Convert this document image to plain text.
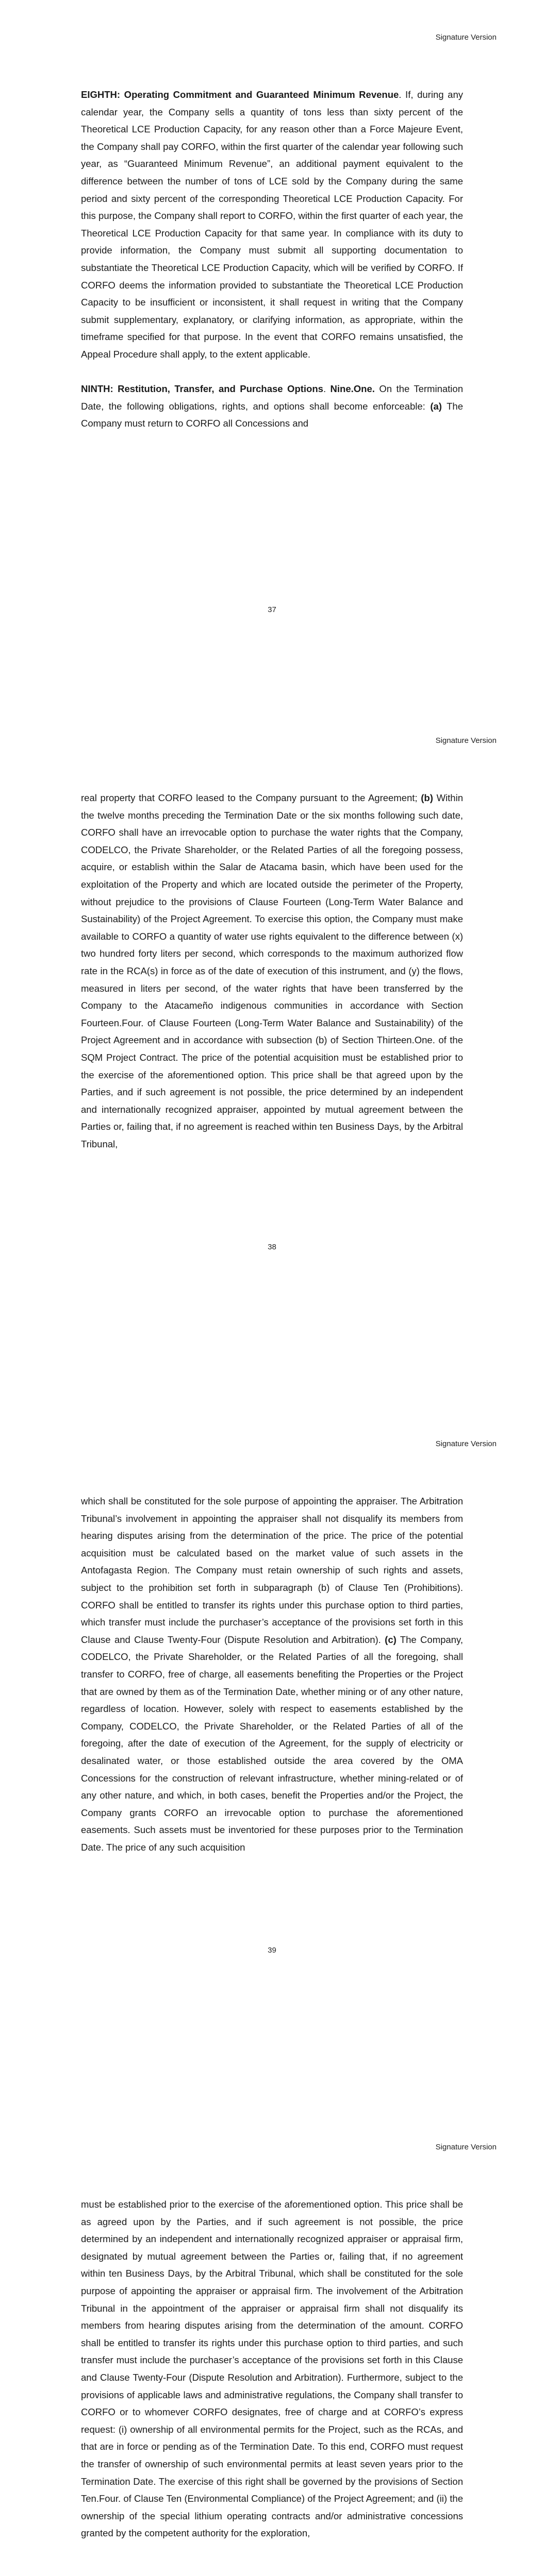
Signature Version

EIGHTH: Operating Commitment and Guaranteed Minimum Revenue. If, during any calendar year, the Company sells a quantity of tons less than sixty percent of the Theoretical LCE Production Capacity, for any reason other than a Force Majeure Event, the Company shall pay CORFO, within the first quarter of the calendar year following such year, as “Guaranteed Minimum Revenue”, an additional payment equivalent to the difference between the number of tons of LCE sold by the Company during the same period and sixty percent of the corresponding Theoretical LCE Production Capacity. For this purpose, the Company shall report to CORFO, within the first quarter of each year, the Theoretical LCE Production Capacity for that same year. In compliance with its duty to provide information, the Company must submit all supporting documentation to substantiate the Theoretical LCE Production Capacity, which will be verified by CORFO. If CORFO deems the information provided to substantiate the Theoretical LCE Production Capacity to be insufficient or inconsistent, it shall request in writing that the Company submit supplementary, explanatory, or clarifying information, as appropriate, within the timeframe specified for that purpose. In the event that CORFO remains unsatisfied, the Appeal Procedure shall apply, to the extent applicable.

NINTH: Restitution, Transfer, and Purchase Options. Nine.One. On the Termination Date, the following obligations, rights, and options shall become enforceable: (a) The Company must return to CORFO all Concessions and

37
Signature Version

real property that CORFO leased to the Company pursuant to the Agreement; (b) Within the twelve months preceding the Termination Date or the six months following such date, CORFO shall have an irrevocable option to purchase the water rights that the Company, CODELCO, the Private Shareholder, or the Related Parties of all the foregoing possess, acquire, or establish within the Salar de Atacama basin, which have been used for the exploitation of the Property and which are located outside the perimeter of the Property, without prejudice to the provisions of Clause Fourteen (Long-Term Water Balance and Sustainability) of the Project Agreement. To exercise this option, the Company must make available to CORFO a quantity of water use rights equivalent to the difference between (x) two hundred forty liters per second, which corresponds to the maximum authorized flow rate in the RCA(s) in force as of the date of execution of this instrument, and (y) the flows, measured in liters per second, of the water rights that have been transferred by the Company to the Atacameño indigenous communities in accordance with Section Fourteen.Four. of Clause Fourteen (Long-Term Water Balance and Sustainability) of the Project Agreement and in accordance with subsection (b) of Section Thirteen.One. of the SQM Project Contract. The price of the potential acquisition must be established prior to the exercise of the aforementioned option. This price shall be that agreed upon by the Parties, and if such agreement is not possible, the price determined by an independent and internationally recognized appraiser, appointed by mutual agreement between the Parties or, failing that, if no agreement is reached within ten Business Days, by the Arbitral Tribunal,

38
Signature Version

which shall be constituted for the sole purpose of appointing the appraiser. The Arbitration Tribunal’s involvement in appointing the appraiser shall not disqualify its members from hearing disputes arising from the determination of the price. The price of the potential acquisition must be calculated based on the market value of such assets in the Antofagasta Region. The Company must retain ownership of such rights and assets, subject to the prohibition set forth in subparagraph (b) of Clause Ten (Prohibitions). CORFO shall be entitled to transfer its rights under this purchase option to third parties, which transfer must include the purchaser’s acceptance of the provisions set forth in this Clause and Clause Twenty-Four (Dispute Resolution and Arbitration). (c) The Company, CODELCO, the Private Shareholder, or the Related Parties of all the foregoing, shall transfer to CORFO, free of charge, all easements benefiting the Properties or the Project that are owned by them as of the Termination Date, whether mining or of any other nature, regardless of location. However, solely with respect to easements established by the Company, CODELCO, the Private Shareholder, or the Related Parties of all of the foregoing, after the date of execution of the Agreement, for the supply of electricity or desalinated water, or those established outside the area covered by the OMA Concessions for the construction of relevant infrastructure, whether mining-related or of any other nature, and which, in both cases, benefit the Properties and/or the Project, the Company grants CORFO an irrevocable option to purchase the aforementioned easements. Such assets must be inventoried for these purposes prior to the Termination Date. The price of any such acquisition

39
Signature Version

must be established prior to the exercise of the aforementioned option. This price shall be as agreed upon by the Parties, and if such agreement is not possible, the price determined by an independent and internationally recognized appraiser or appraisal firm, designated by mutual agreement between the Parties or, failing that, if no agreement within ten Business Days, by the Arbitral Tribunal, which shall be constituted for the sole purpose of appointing the appraiser or appraisal firm. The involvement of the Arbitration Tribunal in the appointment of the appraiser or appraisal firm shall not disqualify its members from hearing disputes arising from the determination of the amount. CORFO shall be entitled to transfer its rights under this purchase option to third parties, and such transfer must include the purchaser’s acceptance of the provisions set forth in this Clause and Clause Twenty-Four (Dispute Resolution and Arbitration). Furthermore, subject to the provisions of applicable laws and administrative regulations, the Company shall transfer to CORFO or to whomever CORFO designates, free of charge and at CORFO’s express request: (i) ownership of all environmental permits for the Project, such as the RCAs, and that are in force or pending as of the Termination Date. To this end, CORFO must request the transfer of ownership of such environmental permits at least seven years prior to the Termination Date. The exercise of this right shall be governed by the provisions of Section Ten.Four. of Clause Ten (Environmental Compliance) of the Project Agreement; and (ii) the ownership of the special lithium operating contracts and/or administrative concessions granted by the competent authority for the exploration,
